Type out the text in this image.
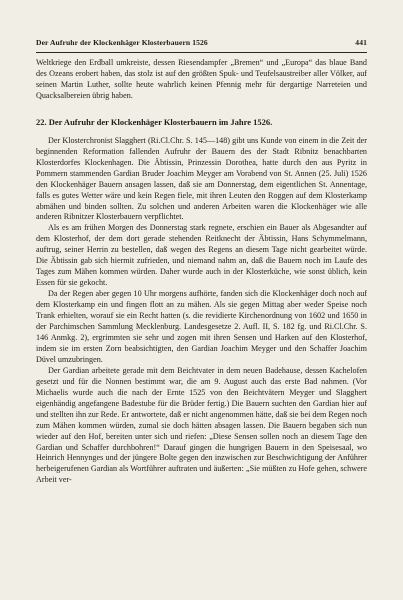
Der Aufruhr der Klockenhäger Klosterbauern 1526	441

Weltkriege den Erdball umkreiste, dessen Riesendampfer „Bremen“ und „Europa“ das blaue Band des Ozeans erobert haben, das stolz ist auf den größten Spuk- und Teufelsaustreiber aller Völker, auf seinen Martin Luther, sollte heute wahrlich keinen Pfennig mehr für dergartige Narreteien und Quacksalbereien übrig haben.

22. Der Aufruhr der Klockenhäger Klosterbauern im Jahre 1526.

Der Klosterchronist Slagghert (Ri.Cl.Chr. S. 145—148) gibt uns Kunde von einem in die Zeit der beginnenden Reformation fallenden Aufruhr der Bauern des der Stadt Ribnitz benachbarten Klosterdorfes Klockenhagen. Die Äbtissin, Prinzessin Dorothea, hatte durch den aus Pyritz in Pommern stammenden Gardian Bruder Joachim Meyger am Vorabend von St. Annen (25. Juli) 1526 den Klockenhäger Bauern ansagen lassen, daß sie am Donnerstag, dem eigentlichen St. Annentage, falls es gutes Wetter wäre und kein Regen fiele, mit ihren Leuten den Roggen auf dem Klosterkamp abmähen und binden sollten. Zu solchen und anderen Arbeiten waren die Klockenhäger wie alle anderen Ribnitzer Klosterbauern verpflichtet.

Als es am frühen Morgen des Donnerstag stark regnete, erschien ein Bauer als Abgesandter auf dem Klosterhof, der dem dort gerade stehenden Reitknecht der Äbtissin, Hans Schymmelmann, auftrug, seiner Herrin zu bestellen, daß wegen des Regens an diesem Tage nicht gearbeitet würde. Die Äbtissin gab sich hiermit zufrieden, und niemand nahm an, daß die Bauern noch im Laufe des Tages zum Mähen kommen würden. Daher wurde auch in der Klosterküche, wie sonst üblich, kein Essen für sie gekocht.

Da der Regen aber gegen 10 Uhr morgens aufhörte, fanden sich die Klockenhäger doch noch auf dem Klosterkamp ein und fingen flott an zu mähen. Als sie gegen Mittag aber weder Speise noch Trank erhielten, worauf sie ein Recht hatten (s. die revidierte Kirchenordnung von 1602 und 1650 in der Parchimschen Sammlung Mecklenburg. Landesgesetze 2. Aufl. II, S. 182 fg. und Ri.Cl.Chr. S. 146 Anmkg. 2), ergrimmten sie sehr und zogen mit ihren Sensen und Harken auf den Klosterhof, indem sie im ersten Zorn beabsichtigten, den Gardian Joachim Meyger und den Schaffer Joachim Düvel umzubringen.

Der Gardian arbeitete gerade mit dem Beichtvater in dem neuen Badehause, dessen Kachelofen gesetzt und für die Nonnen bestimmt war, die am 9. August auch das erste Bad nahmen. (Vor Michaelis wurde auch die nach der Ernte 1525 von den Beichtvätern Meyger und Slagghert eigenhändig angefangene Badestube für die Brüder fertig.) Die Bauern suchten den Gardian hier auf und stellten ihn zur Rede. Er antwortete, daß er nicht angenommen hätte, daß sie bei dem Regen noch zum Mähen kommen würden, zumal sie doch hätten absagen lassen. Die Bauern begaben sich nun wieder auf den Hof, bereiten unter sich und riefen: „Diese Sensen sollen noch an diesem Tage den Gardian und Schaffer durchbohren!“ Darauf gingen die hungrigen Bauern in den Speisesaal, wo Heinrich Hennynges und der jüngere Bolte gegen den inzwischen zur Beschwichtigung der Anführer herbeigerufenen Gardian als Wortführer auftraten und äußerten: „Sie müßten zu Hofe gehen, schwere Arbeit ver-
